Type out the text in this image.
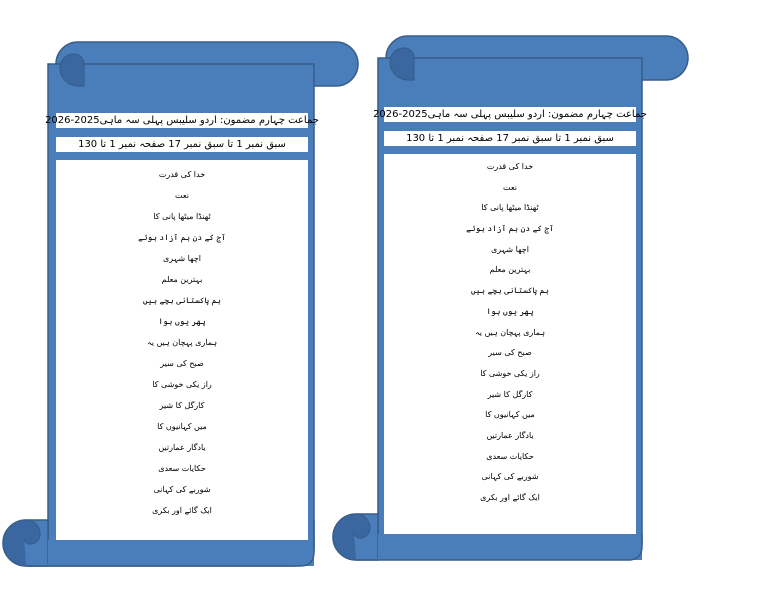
جماعت چہارم مضمون: اردو سلیبس پہلی سہ ماہی2025-2026
سبق نمبر 1 تا سبق نمبر 17 صفحہ نمبر 1 تا 130
خدا کی قدرت
نعت
ٹھنڈا میٹھا پانی کا
آج کے دن ہم آزاد ہوئے
اچھا شہری
بہترین معلم
ہم پاکستانی بچے ہیں
پھر یوں ہوا
ہماری پہچان ہیں یہ
صبح کی سیر
راز یکی خوشی کا
کارگل کا شیر
میں کہانیوں کا
یادگار عمارتیں
حکایات سعدی
شوربے کی کہانی
ایک گائے اور بکری
جماعت چہارم مضمون: اردو سلیبس پہلی سہ ماہی2025-2026
سبق نمبر 1 تا سبق نمبر 17 صفحہ نمبر 1 تا 130
خدا کی قدرت
نعت
ٹھنڈا میٹھا پانی کا
آج کے دن ہم آزاد ہوئے
اچھا شہری
بہترین معلم
ہم پاکستانی بچے ہیں
پھر یوں ہوا
ہماری پہچان ہیں یہ
صبح کی سیر
راز یکی خوشی کا
کارگل کا شیر
میں کہانیوں کا
یادگار عمارتیں
حکایات سعدی
شوربے کی کہانی
ایک گائے اور بکری
